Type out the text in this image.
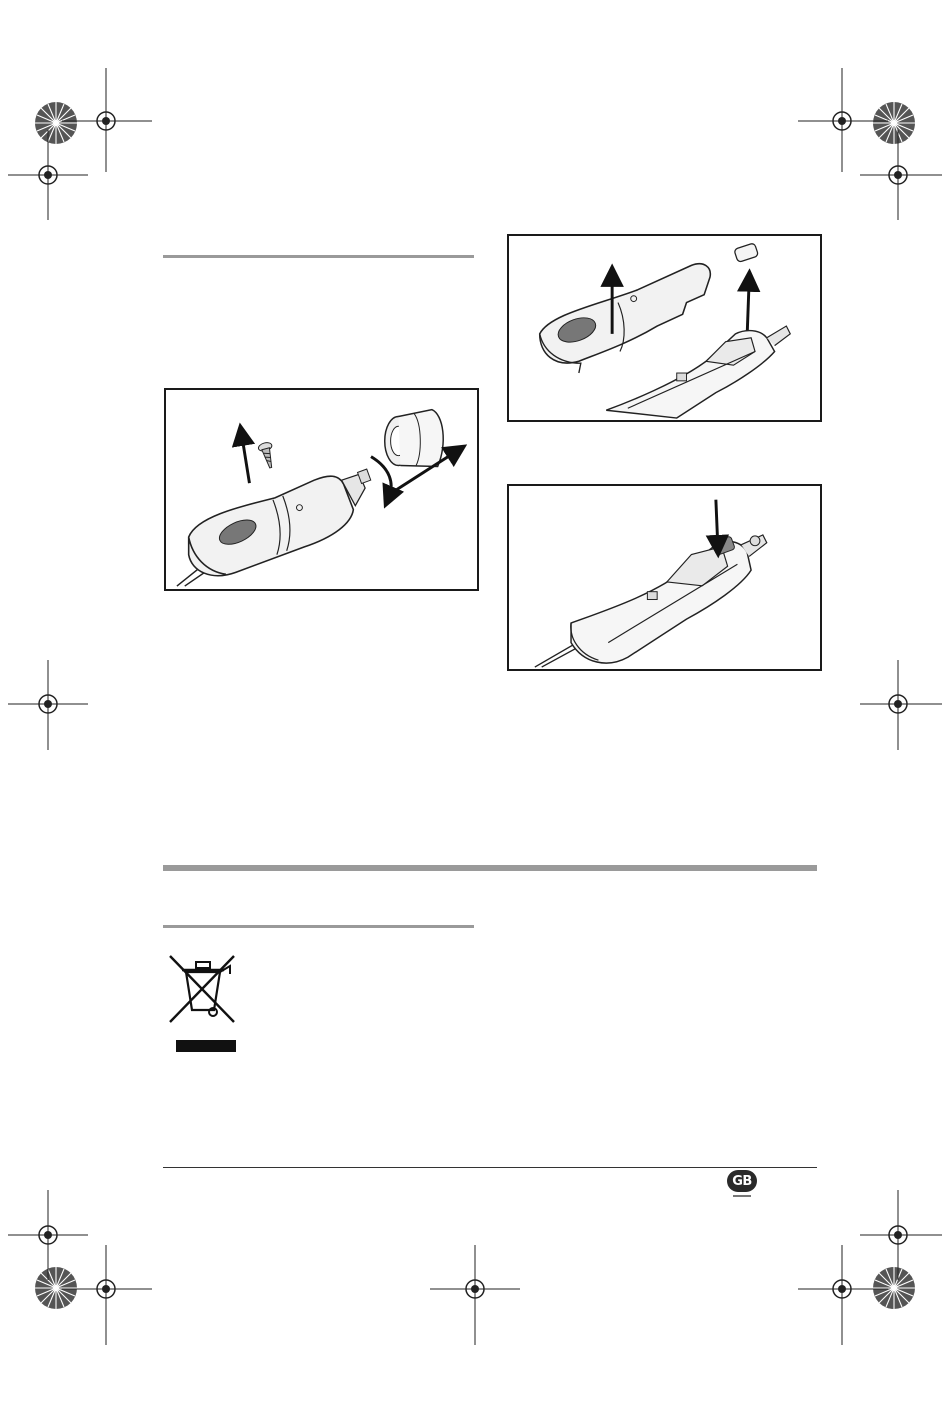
GB
